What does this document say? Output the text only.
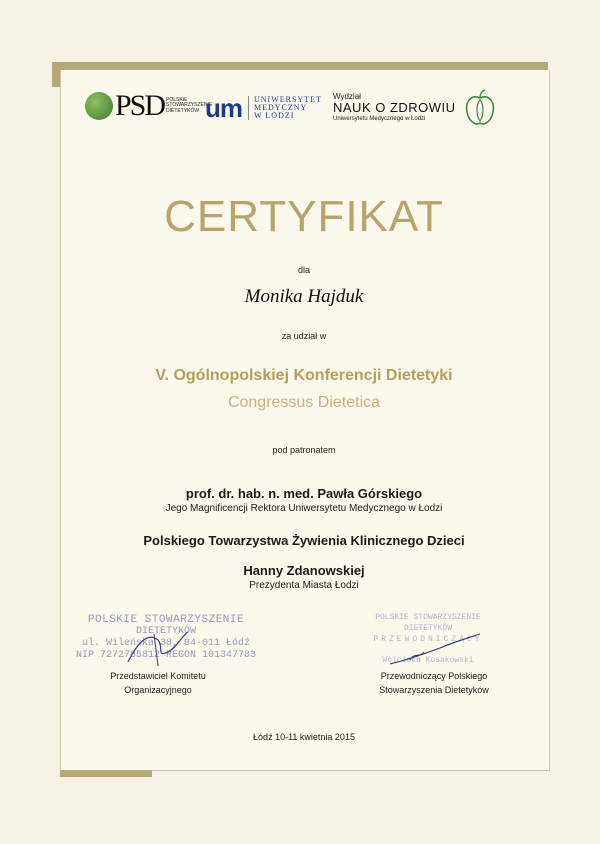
PSD POLSKIE STOWARZYSZENIE DIETETYKÓW um	UNIWERSYTET
MEDYCZNY
W ŁODZI
Wydział
NAUK O ZDROWIU
Uniwersytetu Medycznego w Łodzi
CERTYFIKAT
dla
Monika Hajduk
za udział w
V. Ogólnopolskiej Konferencji Dietetyki
Congressus Dietetica
pod patronatem
prof. dr. hab. n. med. Pawła Górskiego
Jego Magnificencji Rektora Uniwersytetu Medycznego w Łodzi
Polskiego Towarzystwa Żywienia Klinicznego Dzieci
Hanny Zdanowskiej
Prezydenta Miasta Łodzi
POLSKIE STOWARZYSZENIE
DIETETYKÓW
ul. Wileńska 38, 94-011 Łódź
NIP 7272785812 REGON 101347783
POLSKIE STOWARZYSZENIE
DIETETYKÓW
PRZEWODNICZĄCY
Wojciech Kosakowski
Przedstawiciel Komitetu
Organizacyjnego
Przewodniczący Polskiego
Stowarzyszenia Dietetyków
Łódź 10-11 kwietnia 2015
